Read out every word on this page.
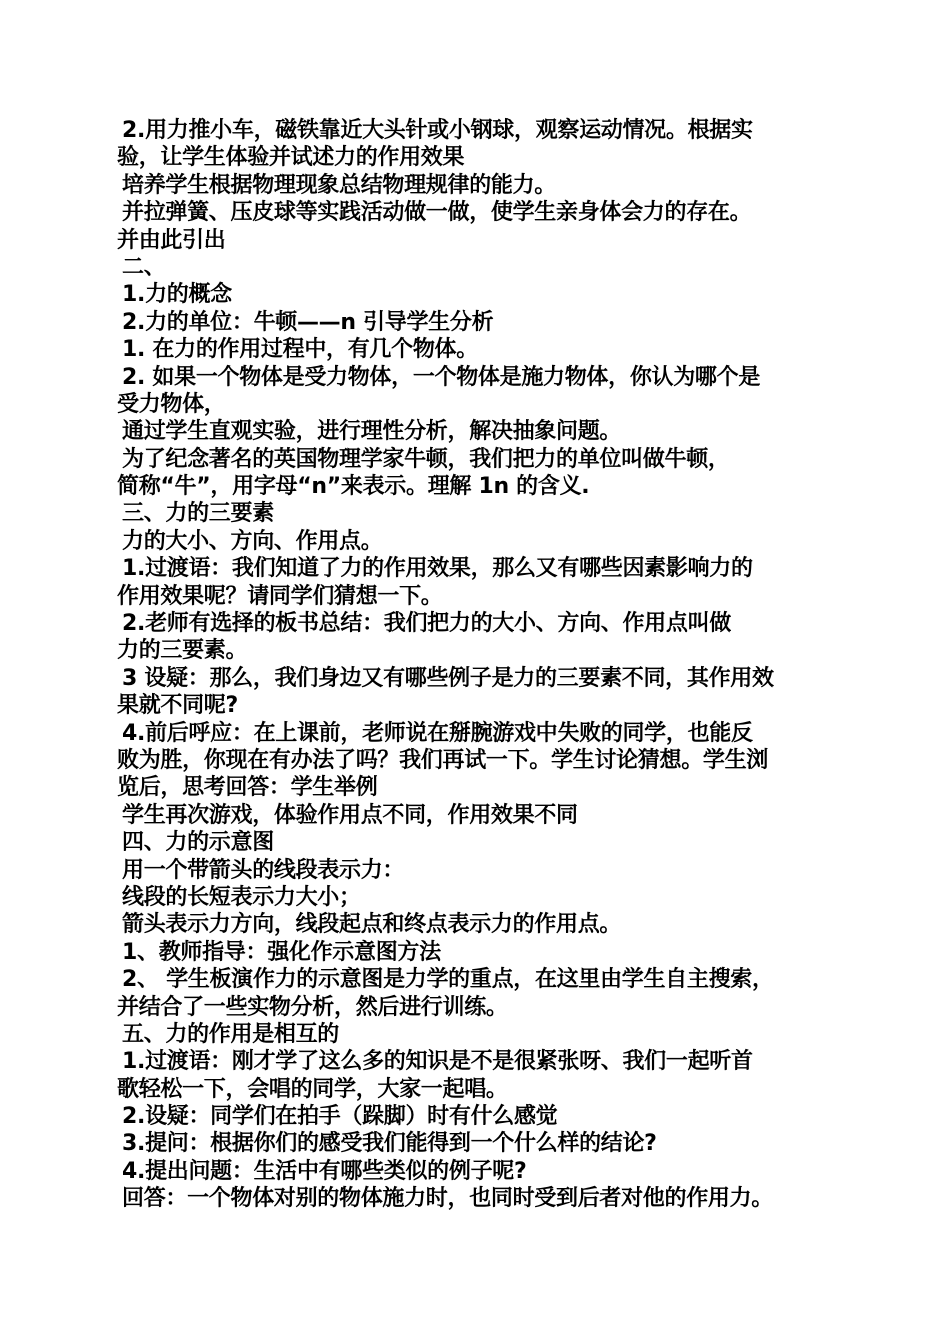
2.用力推小车，磁铁靠近大头针或小钢球，观察运动情况。根据实

验，让学生体验并试述力的作用效果

培养学生根据物理现象总结物理规律的能力。

并拉弹簧、压皮球等实践活动做一做，使学生亲身体会力的存在。

并由此引出

二、

1.力的概念

2.力的单位：牛顿——n 引导学生分析

1. 在力的作用过程中，有几个物体。

2. 如果一个物体是受力物体，一个物体是施力物体，你认为哪个是

受力物体，

通过学生直观实验，进行理性分析，解决抽象问题。

为了纪念著名的英国物理学家牛顿，我们把力的单位叫做牛顿，

简称“牛”，用字母“n”来表示。理解 1n 的含义.

三、力的三要素

力的大小、方向、作用点。

1.过渡语：我们知道了力的作用效果，那么又有哪些因素影响力的

作用效果呢？请同学们猜想一下。

2.老师有选择的板书总结：我们把力的大小、方向、作用点叫做

力的三要素。

3 设疑：那么，我们身边又有哪些例子是力的三要素不同，其作用效

果就不同呢?

4.前后呼应：在上课前，老师说在掰腕游戏中失败的同学，也能反

败为胜，你现在有办法了吗？我们再试一下。学生讨论猜想。学生浏

览后，思考回答：学生举例

学生再次游戏，体验作用点不同，作用效果不同

四、力的示意图

用一个带箭头的线段表示力：

线段的长短表示力大小；

箭头表示力方向，线段起点和终点表示力的作用点。

1、教师指导：强化作示意图方法

2、 学生板演作力的示意图是力学的重点，在这里由学生自主搜索，

并结合了一些实物分析，然后进行训练。

五、力的作用是相互的

1.过渡语：刚才学了这么多的知识是不是很紧张呀、我们一起听首

歌轻松一下，会唱的同学，大家一起唱。

2.设疑：同学们在拍手（跺脚）时有什么感觉

3.提问：根据你们的感受我们能得到一个什么样的结论?

4.提出问题：生活中有哪些类似的例子呢?

回答：一个物体对别的物体施力时，也同时受到后者对他的作用力。
